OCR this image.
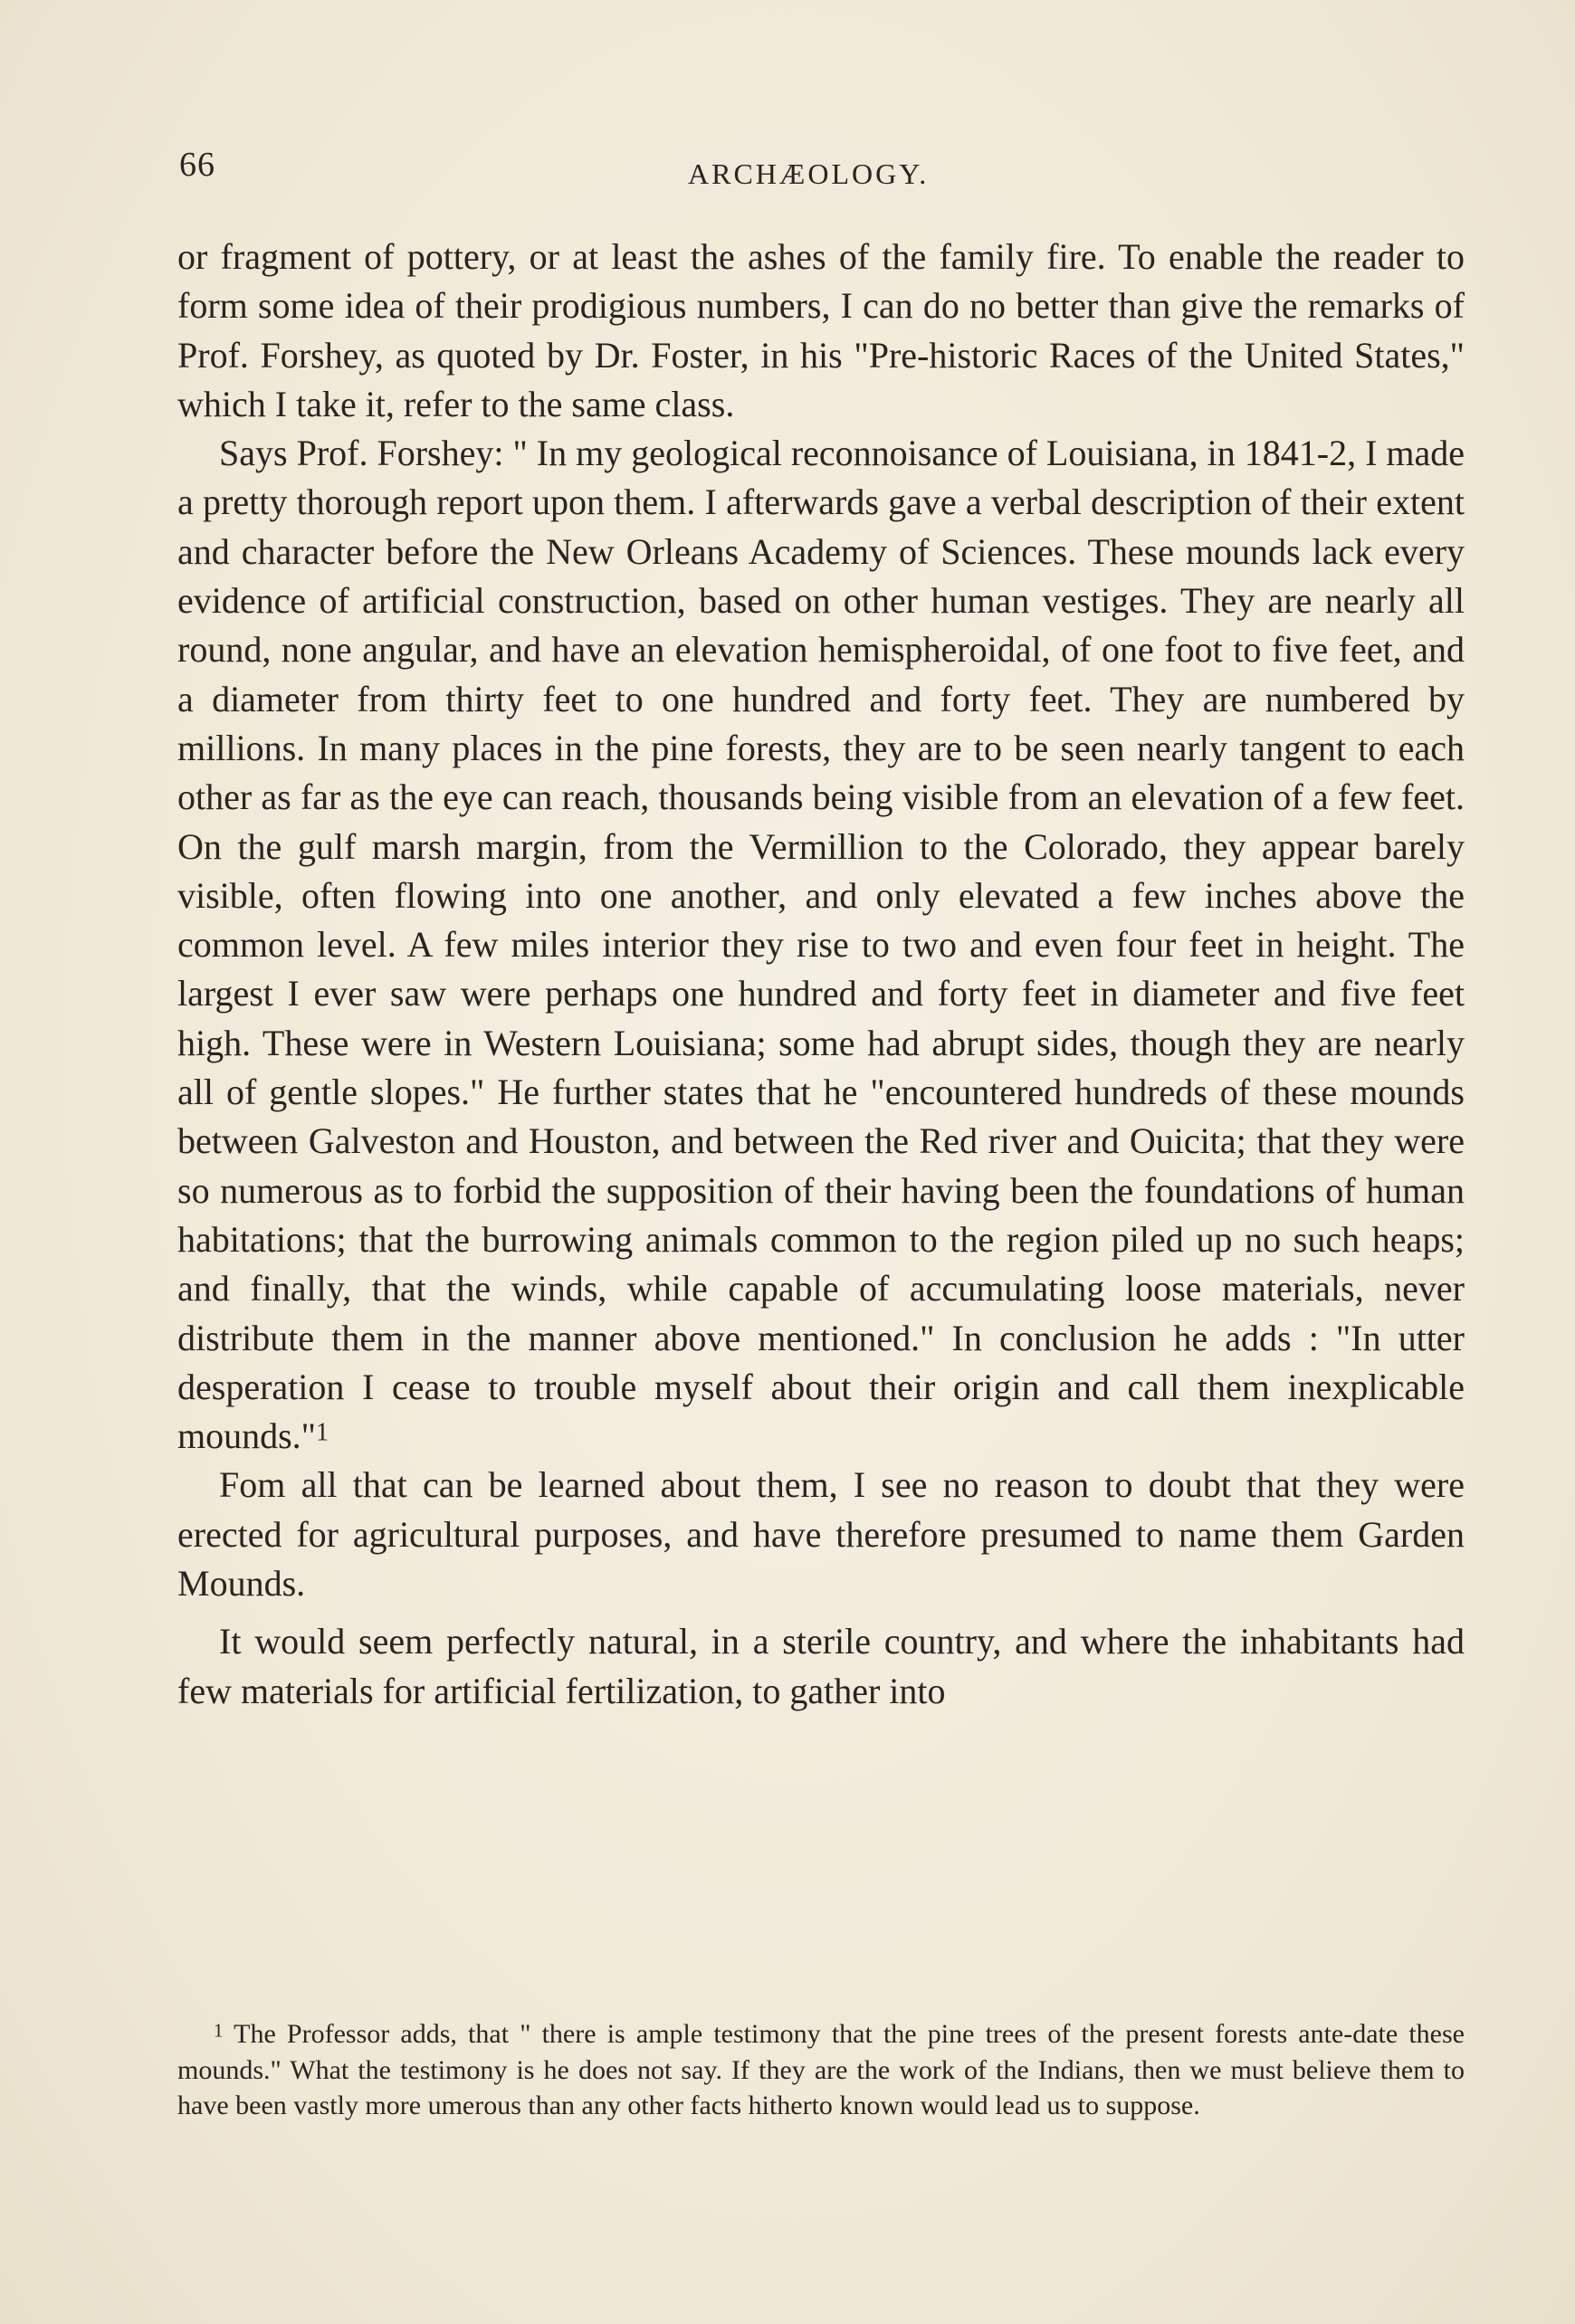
66	ARCHÆOLOGY.

or fragment of pottery, or at least the ashes of the family fire. To enable the reader to form some idea of their prodigious numbers, I can do no better than give the remarks of Prof. Forshey, as quoted by Dr. Foster, in his "Pre-historic Races of the United States," which I take it, refer to the same class.

Says Prof. Forshey: " In my geological reconnoisance of Louisiana, in 1841-2, I made a pretty thorough report upon them. I afterwards gave a verbal description of their extent and character before the New Orleans Academy of Sciences. These mounds lack every evidence of artificial construction, based on other human vestiges. They are nearly all round, none angular, and have an elevation hemispheroidal, of one foot to five feet, and a diameter from thirty feet to one hundred and forty feet. They are numbered by millions. In many places in the pine forests, they are to be seen nearly tangent to each other as far as the eye can reach, thousands being visible from an elevation of a few feet. On the gulf marsh margin, from the Vermillion to the Colorado, they appear barely visible, often flowing into one another, and only elevated a few inches above the common level. A few miles interior they rise to two and even four feet in height. The largest I ever saw were perhaps one hundred and forty feet in diameter and five feet high. These were in Western Louisiana; some had abrupt sides, though they are nearly all of gentle slopes." He further states that he "encountered hundreds of these mounds between Galveston and Houston, and between the Red river and Ouicita; that they were so numerous as to forbid the supposition of their having been the foundations of human habitations; that the burrowing animals common to the region piled up no such heaps; and finally, that the winds, while capable of accumulating loose materials, never distribute them in the manner above mentioned." In conclusion he adds : "In utter desperation I cease to trouble myself about their origin and call them inexplicable mounds."$^1$

Fom all that can be learned about them, I see no reason to doubt that they were erected for agricultural purposes, and have therefore presumed to name them Garden Mounds.

It would seem perfectly natural, in a sterile country, and where the inhabitants had few materials for artificial fertilization, to gather into

$^1$ The Professor adds, that " there is ample testimony that the pine trees of the present forests ante-date these mounds." What the testimony is he does not say. If they are the work of the Indians, then we must believe them to have been vastly more umerous than any other facts hitherto known would lead us to suppose.
